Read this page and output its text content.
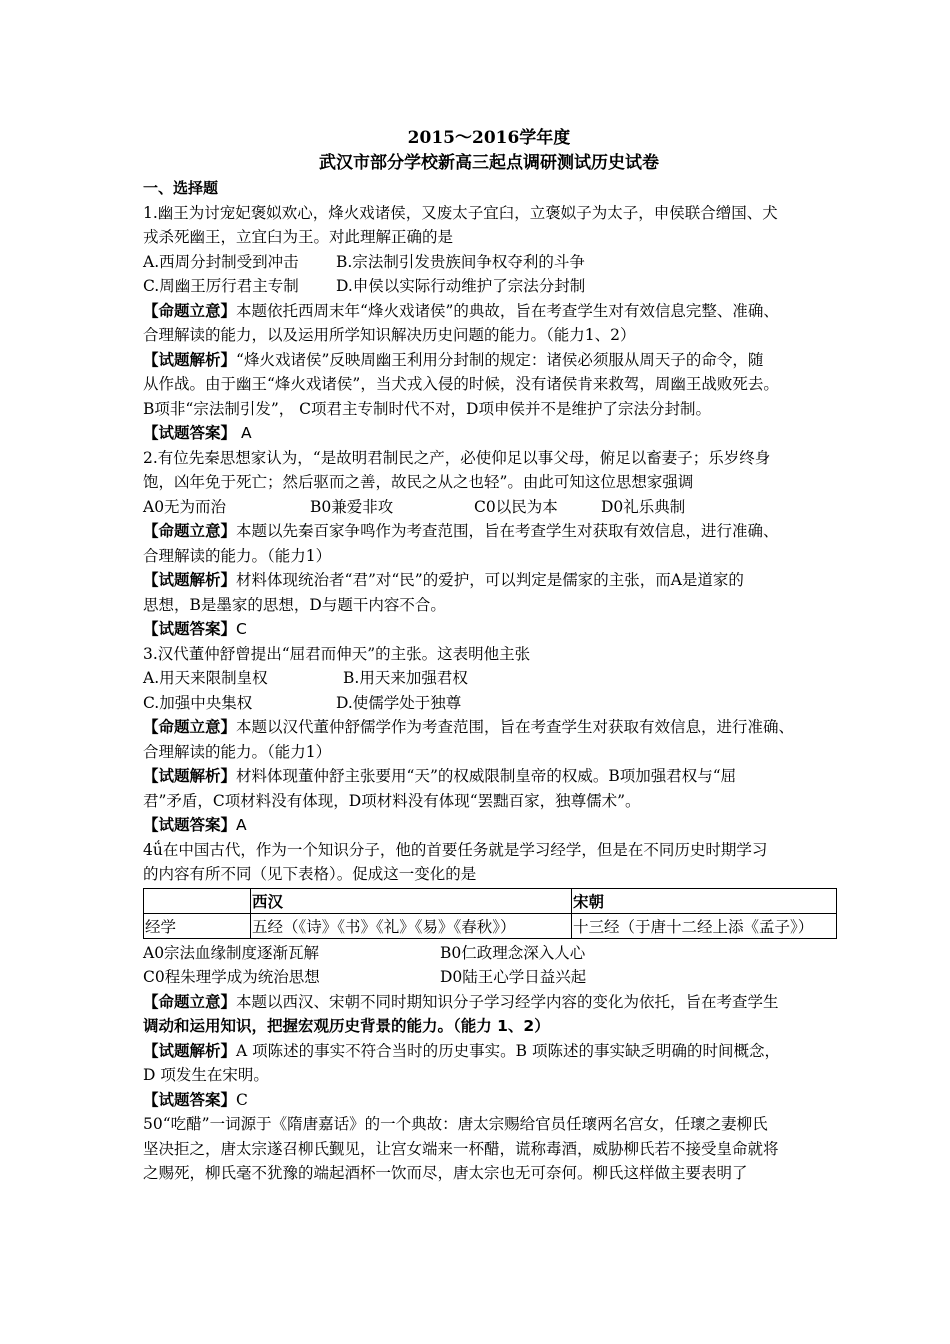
2015～2016学年度

武汉市部分学校新高三起点调研测试历史试卷

一、选择题

1.幽王为讨宠妃褒姒欢心，烽火戏诸侯，又废太子宜臼，立褒姒子为太子，申侯联合缯国、犬

戎杀死幽王，立宜臼为王。对此理解正确的是

A.西周分封制受到冲击	B.宗法制引发贵族间争权夺利的斗争
C.周幽王厉行君主专制	D.申侯以实际行动维护了宗法分封制

【命题立意】本题依托西周末年“烽火戏诸侯”的典故，旨在考查学生对有效信息完整、准确、

合理解读的能力，以及运用所学知识解决历史问题的能力。（能力1、2）

【试题解析】“烽火戏诸侯”反映周幽王利用分封制的规定：诸侯必须服从周天子的命令，随

从作战。由于幽王“烽火戏诸侯”，当犬戎入侵的时候，没有诸侯肯来救驾，周幽王战败死去。

B项非“宗法制引发”， C项君主专制时代不对，D项申侯并不是维护了宗法分封制。

【试题答案】 A

2.有位先秦思想家认为，“是故明君制民之产，必使仰足以事父母，俯足以畜妻子；乐岁终身

饱，凶年免于死亡；然后驱而之善，故民之从之也轻”。由此可知这位思想家强调

A0无为而治	B0兼爱非攻	C0以民为本	D0礼乐典制

【命题立意】本题以先秦百家争鸣作为考查范围，旨在考查学生对获取有效信息，进行准确、

合理解读的能力。（能力1）

【试题解析】材料体现统治者“君”对“民”的爱护，可以判定是儒家的主张，而A是道家的

思想，B是墨家的思想，D与题干内容不合。

【试题答案】C

3.汉代董仲舒曾提出“屈君而伸天”的主张。这表明他主张

A.用天来限制皇权	B.用天来加强君权
C.加强中央集权	D.使儒学处于独尊

【命题立意】本题以汉代董仲舒儒学作为考查范围，旨在考查学生对获取有效信息，进行准确、

合理解读的能力。（能力1）

【试题解析】材料体现董仲舒主张要用“天”的权威限制皇帝的权威。B项加强君权与“屈

君”矛盾，C项材料没有体现，D项材料没有体现“罢黜百家，独尊儒术”。

【试题答案】A

4ǘ在中国古代，作为一个知识分子，他的首要任务就是学习经学，但是在不同历史时期学习

的内容有所不同（见下表格）。促成这一变化的是

	西汉	宋朝
经学	五经（《诗》《书》《礼》《易》《春秋》）	十三经（于唐十二经上添《孟子》）
A0宗法血缘制度逐渐瓦解	B0仁政理念深入人心
C0程朱理学成为统治思想	D0陆王心学日益兴起

【命题立意】本题以西汉、宋朝不同时期知识分子学习经学内容的变化为依托，旨在考查学生

调动和运用知识，把握宏观历史背景的能力。（能力 1、2）

【试题解析】A 项陈述的事实不符合当时的历史事实。B 项陈述的事实缺乏明确的时间概念，

D 项发生在宋明。

【试题答案】C

50“吃醋”一词源于《隋唐嘉话》的一个典故：唐太宗赐给官员任瓌两名宫女，任瓌之妻柳氏

坚决拒之，唐太宗遂召柳氏觐见，让宫女端来一杯醋，谎称毒酒，威胁柳氏若不接受皇命就将

之赐死，柳氏毫不犹豫的端起酒杯一饮而尽，唐太宗也无可奈何。柳氏这样做主要表明了
